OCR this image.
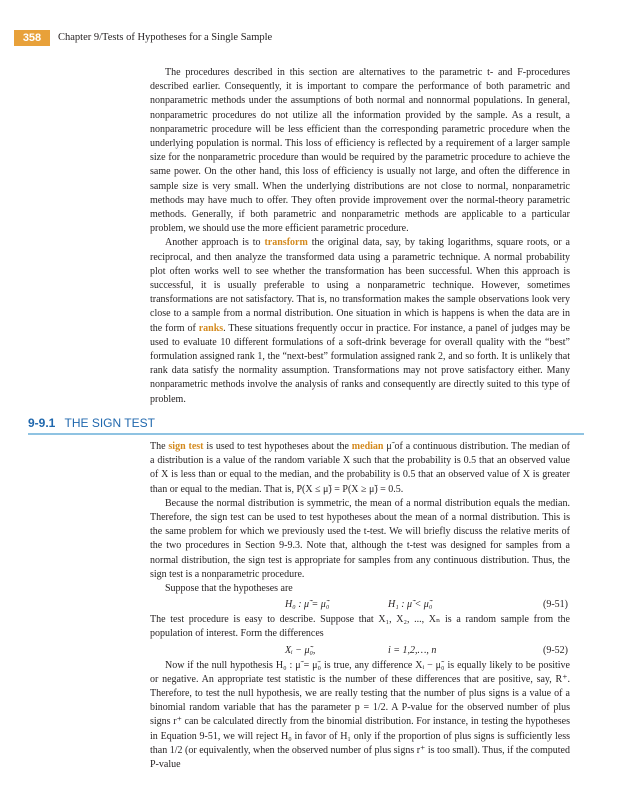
358	Chapter 9/Tests of Hypotheses for a Single Sample

The procedures described in this section are alternatives to the parametric t- and F-procedures described earlier. Consequently, it is important to compare the performance of both parametric and nonparametric methods under the assumptions of both normal and nonnormal populations. In general, nonparametric procedures do not utilize all the information provided by the sample. As a result, a nonparametric procedure will be less efficient than the corresponding parametric procedure when the underlying population is normal. This loss of efficiency is reflected by a requirement of a larger sample size for the nonparametric procedure than would be required by the parametric procedure to achieve the same power. On the other hand, this loss of efficiency is usually not large, and often the difference in sample size is very small. When the underlying distributions are not close to normal, nonparametric methods may have much to offer. They often provide improvement over the normal-theory parametric methods. Generally, if both parametric and nonparametric methods are applicable to a particular problem, we should use the more efficient parametric procedure.

Another approach is to transform the original data, say, by taking logarithms, square roots, or a reciprocal, and then analyze the transformed data using a parametric technique. A normal probability plot often works well to see whether the transformation has been successful. When this approach is successful, it is usually preferable to using a nonparametric technique. However, sometimes transformations are not satisfactory. That is, no transformation makes the sample observations look very close to a sample from a normal distribution. One situation in which is happens is when the data are in the form of ranks. These situations frequently occur in practice. For instance, a panel of judges may be used to evaluate 10 different formulations of a soft-drink beverage for overall quality with the “best” formulation assigned rank 1, the “next-best” formulation assigned rank 2, and so forth. It is unlikely that rank data satisfy the normality assumption. Transformations may not prove satisfactory either. Many nonparametric methods involve the analysis of ranks and consequently are directly suited to this type of problem.

9-9.1 THE SIGN TEST

The sign test is used to test hypotheses about the median μ̃ of a continuous distribution. The median of a distribution is a value of the random variable X such that the probability is 0.5 that an observed value of X is less than or equal to the median, and the probability is 0.5 that an observed value of X is greater than or equal to the median. That is, P(X ≤ μ̃) = P(X ≥ μ̃) = 0.5.

Because the normal distribution is symmetric, the mean of a normal distribution equals the median. Therefore, the sign test can be used to test hypotheses about the mean of a normal distribution. This is the same problem for which we previously used the t-test. We will briefly discuss the relative merits of the two procedures in Section 9-9.3. Note that, although the t-test was designed for samples from a normal distribution, the sign test is appropriate for samples from any continuous distribution. Thus, the sign test is a nonparametric procedure.

Suppose that the hypotheses are

H₀ : μ̃ = μ̃₀	H₁ : μ̃ < μ̃₀	(9-51)

The test procedure is easy to describe. Suppose that X₁, X₂, ..., Xₙ is a random sample from the population of interest. Form the differences

Xᵢ − μ̃₀,	i = 1,2,…, n	(9-52)

Now if the null hypothesis H₀ : μ̃ = μ̃₀ is true, any difference Xᵢ − μ̃₀ is equally likely to be positive or negative. An appropriate test statistic is the number of these differences that are positive, say, R⁺. Therefore, to test the null hypothesis, we are really testing that the number of plus signs is a value of a binomial random variable that has the parameter p = 1/2. A P-value for the observed number of plus signs r⁺ can be calculated directly from the binomial distribution. For instance, in testing the hypotheses in Equation 9-51, we will reject H₀ in favor of H₁ only if the proportion of plus signs is sufficiently less than 1/2 (or equivalently, when the observed number of plus signs r⁺ is too small). Thus, if the computed P-value
